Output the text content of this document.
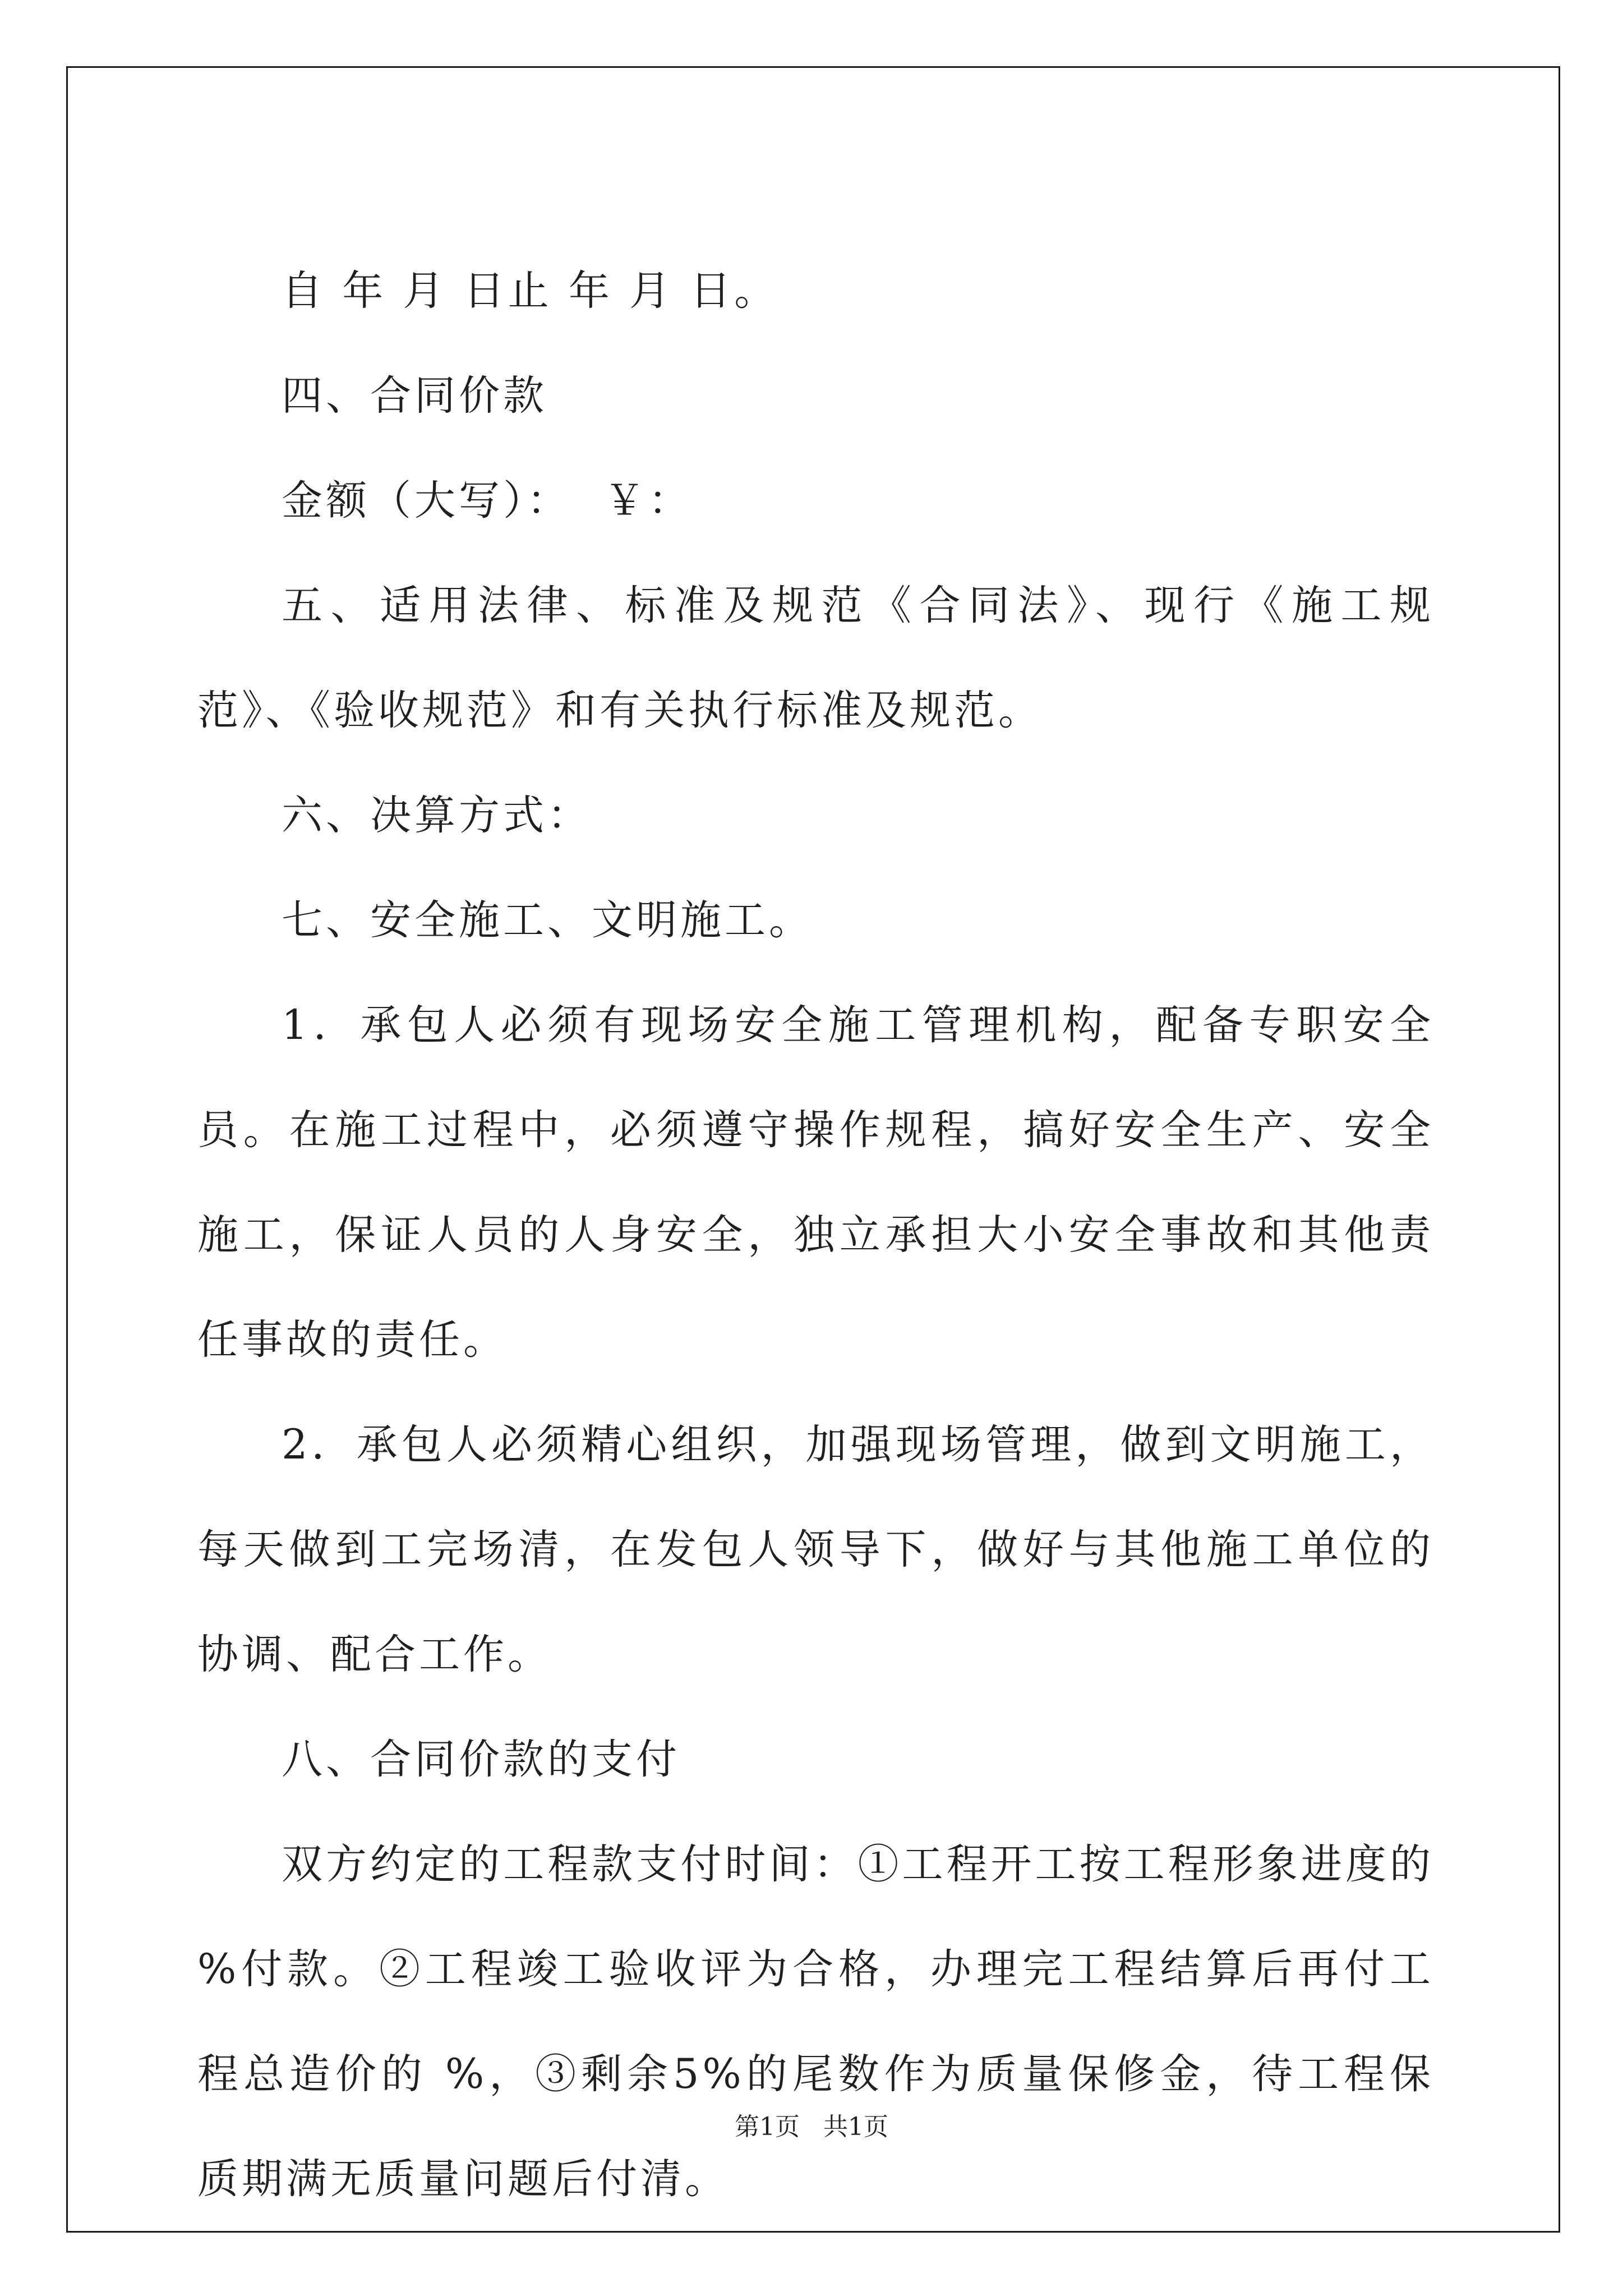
自 年 月 日止 年 月 日。

四、合同价款

金额（大写）：  ￥：

五、适用法律、标准及规范《合同法》、现行《施工规范》、《验收规范》和有关执行标准及规范。

六、决算方式：

七、安全施工、文明施工。

1．承包人必须有现场安全施工管理机构，配备专职安全员。在施工过程中，必须遵守操作规程，搞好安全生产、安全施工，保证人员的人身安全，独立承担大小安全事故和其他责任事故的责任。

2．承包人必须精心组织，加强现场管理，做到文明施工，每天做到工完场清，在发包人领导下，做好与其他施工单位的协调、配合工作。

八、合同价款的支付

双方约定的工程款支付时间：①工程开工按工程形象进度的 %付款。②工程竣工验收评为合格，办理完工程结算后再付工程总造价的 %，③剩余5%的尾数作为质量保修金，待工程保质期满无质量问题后付清。

第1页   共1页
